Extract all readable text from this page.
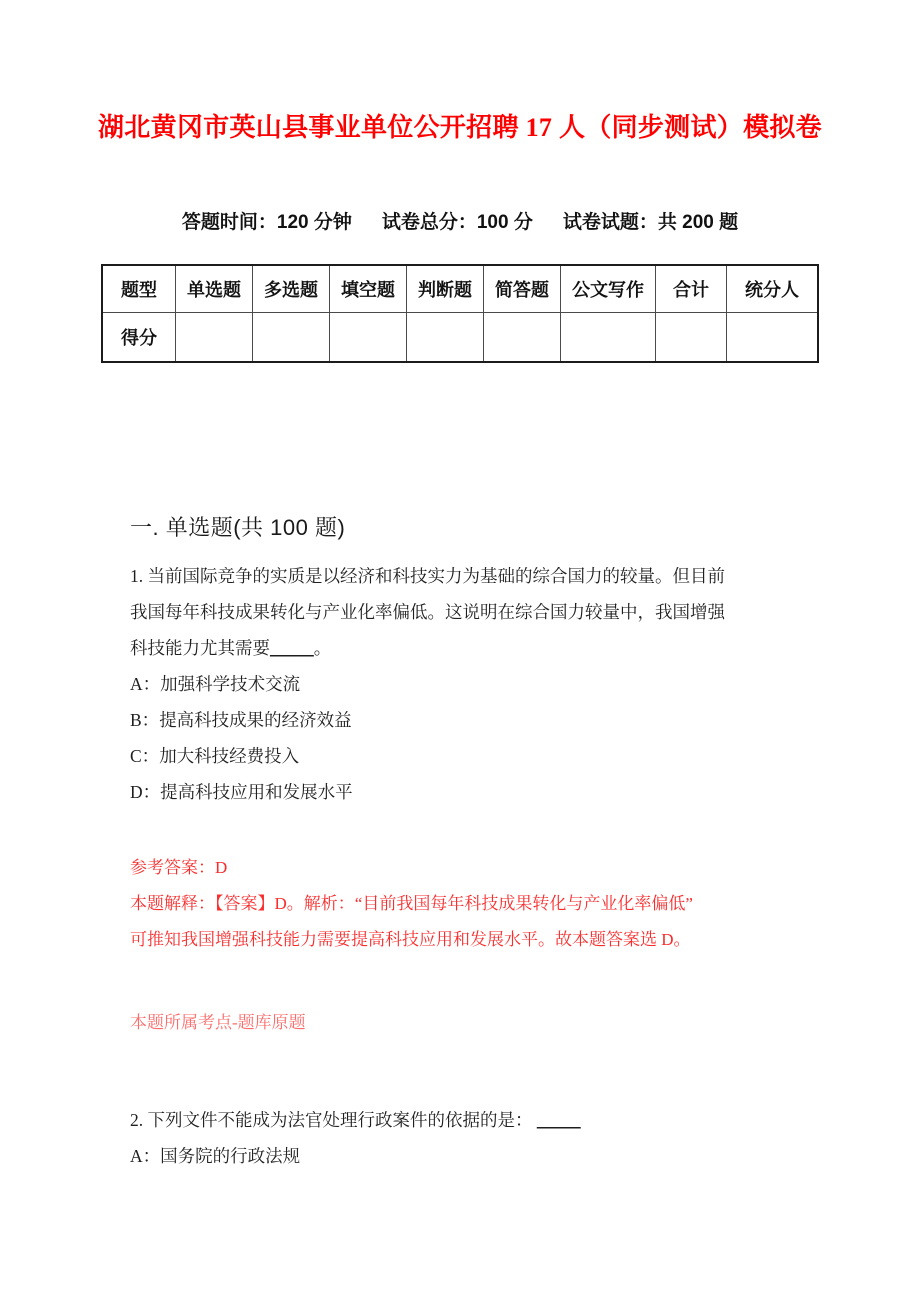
湖北黄冈市英山县事业单位公开招聘 17 人（同步测试）模拟卷
答题时间：120 分钟 试卷总分：100 分 试卷试题：共 200 题
题型	单选题	多选题	填空题	判断题	简答题	公文写作	合计	统分人
得分								
一. 单选题(共 100 题)

1. 当前国际竞争的实质是以经济和科技实力为基础的综合国力的较量。但目前

我国每年科技成果转化与产业化率偏低。这说明在综合国力较量中，我国增强

科技能力尤其需要_____。

A：加强科学技术交流

B：提高科技成果的经济效益

C：加大科技经费投入

D：提高科技应用和发展水平

参考答案：D

本题解释：【答案】D。解析：“目前我国每年科技成果转化与产业化率偏低”

可推知我国增强科技能力需要提高科技应用和发展水平。故本题答案选 D。

本题所属考点-题库原题

2. 下列文件不能成为法官处理行政案件的依据的是： _____

A：国务院的行政法规
